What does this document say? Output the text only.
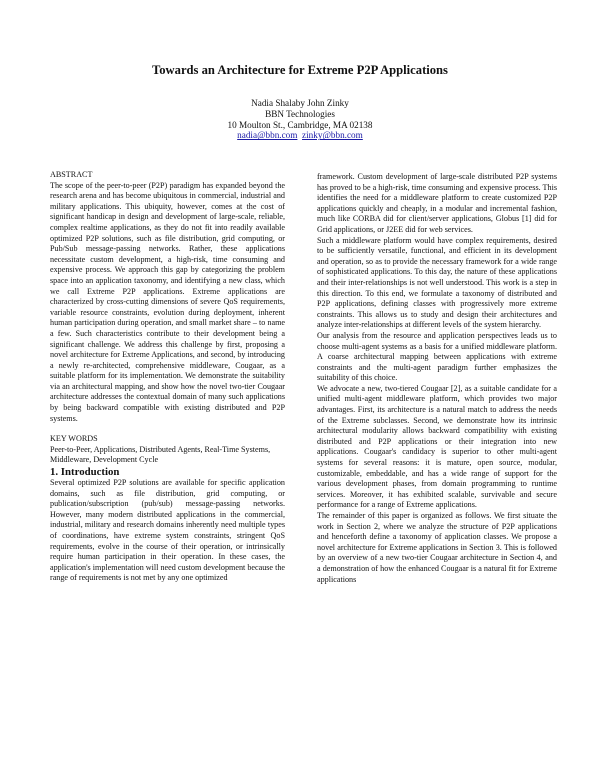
Towards an Architecture for Extreme P2P Applications
Nadia Shalaby John Zinky
BBN Technologies
10 Moulton St., Cambridge, MA 02138
nadia@bbn.com zinky@bbn.com

ABSTRACT

The scope of the peer-to-peer (P2P) paradigm has expanded beyond the research arena and has become ubiquitous in commercial, industrial and military applications. This ubiquity, however, comes at the cost of significant handicap in design and development of large-scale, reliable, complex realtime applications, as they do not fit into readily available optimized P2P solutions, such as file distribution, grid computing, or Pub/Sub message-passing networks. Rather, these applications necessitate custom development, a high-risk, time consuming and expensive process. We approach this gap by categorizing the problem space into an application taxonomy, and identifying a new class, which we call Extreme P2P applications. Extreme applications are characterized by cross-cutting dimensions of severe QoS requirements, variable resource constraints, evolution during deployment, inherent human participation during operation, and small market share – to name a few. Such characteristics contribute to their development being a significant challenge. We address this challenge by first, proposing a novel architecture for Extreme Applications, and second, by introducing a newly re-architected, comprehensive middleware, Cougaar, as a suitable platform for its implementation. We demonstrate the suitability via an architectural mapping, and show how the novel two-tier Cougaar architecture addresses the contextual domain of many such applications by being backward compatible with existing distributed and P2P systems.

KEY WORDS

Peer-to-Peer, Applications, Distributed Agents, Real-Time Systems, Middleware, Development Cycle

1. Introduction

Several optimized P2P solutions are available for specific application domains, such as file distribution, grid computing, or publication/subscription (pub/sub) message-passing networks. However, many modern distributed applications in the commercial, industrial, military and research domains inherently need multiple types of coordinations, have extreme system constraints, stringent QoS requirements, evolve in the course of their operation, or intrinsically require human participation in their operation. In these cases, the application's implementation will need custom development because the range of requirements is not met by any one optimized

framework. Custom development of large-scale distributed P2P systems has proved to be a high-risk, time consuming and expensive process. This identifies the need for a middleware platform to create customized P2P applications quickly and cheaply, in a modular and incremental fashion, much like CORBA did for client/server applications, Globus [1] did for Grid applications, or J2EE did for web services.

Such a middleware platform would have complex requirements, desired to be sufficiently versatile, functional, and efficient in its development and operation, so as to provide the necessary framework for a wide range of sophisticated applications. To this day, the nature of these applications and their inter-relationships is not well understood. This work is a step in this direction. To this end, we formulate a taxonomy of distributed and P2P applications, defining classes with progressively more extreme constraints. This allows us to study and design their architectures and analyze inter-relationships at different levels of the system hierarchy.

Our analysis from the resource and application perspectives leads us to choose multi-agent systems as a basis for a unified middleware platform. A coarse architectural mapping between applications with extreme constraints and the multi-agent paradigm further emphasizes the suitability of this choice.

We advocate a new, two-tiered Cougaar [2], as a suitable candidate for a unified multi-agent middleware platform, which provides two major advantages. First, its architecture is a natural match to address the needs of the Extreme subclasses. Second, we demonstrate how its intrinsic architectural modularity allows backward compatibility with existing distributed and P2P applications or their integration into new applications. Cougaar's candidacy is superior to other multi-agent systems for several reasons: it is mature, open source, modular, customizable, embeddable, and has a wide range of support for the various development phases, from domain programming to runtime services. Moreover, it has exhibited scalable, survivable and secure performance for a range of Extreme applications.

The remainder of this paper is organized as follows. We first situate the work in Section 2, where we analyze the structure of P2P applications and henceforth define a taxonomy of application classes. We propose a novel architecture for Extreme applications in Section 3. This is followed by an overview of a new two-tier Cougaar architecture in Section 4, and a demonstration of how the enhanced Cougaar is a natural fit for Extreme applications
